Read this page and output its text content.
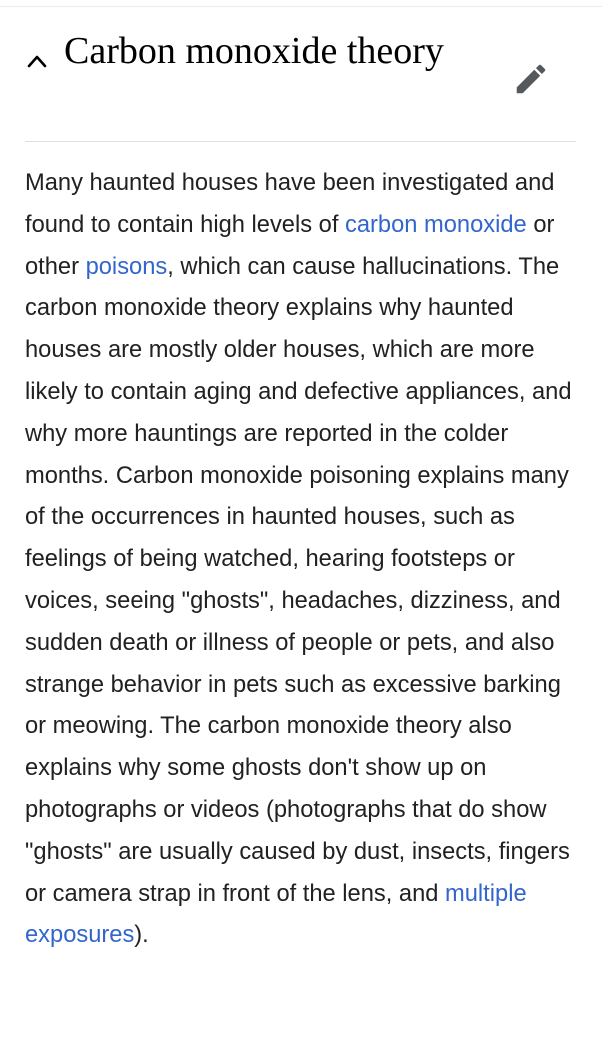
Carbon monoxide theory

Many haunted houses have been investigated and found to contain high levels of carbon monoxide or other poisons, which can cause hallucinations. The carbon monoxide theory explains why haunted houses are mostly older houses, which are more likely to contain aging and defective appliances, and why more hauntings are reported in the colder months. Carbon monoxide poisoning explains many of the occurrences in haunted houses, such as feelings of being watched, hearing footsteps or voices, seeing "ghosts", headaches, dizziness, and sudden death or illness of people or pets, and also strange behavior in pets such as excessive barking or meowing. The carbon monoxide theory also explains why some ghosts don't show up on photographs or videos (photographs that do show "ghosts" are usually caused by dust, insects, fingers or camera strap in front of the lens, and multiple exposures).
